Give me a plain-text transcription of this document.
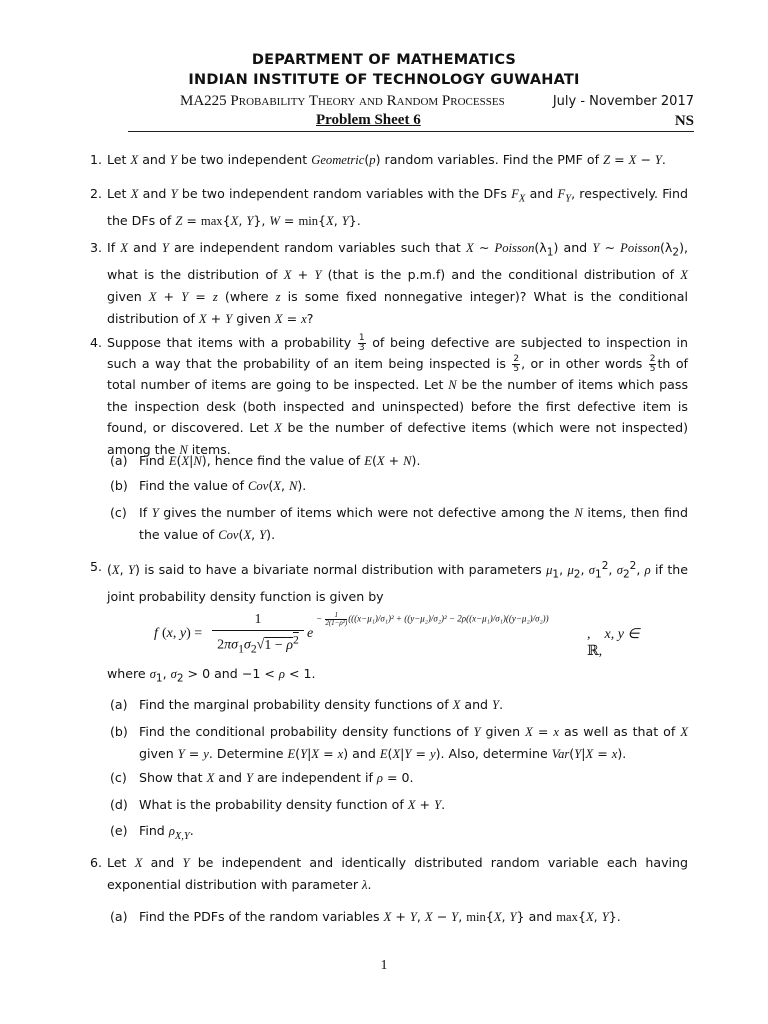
DEPARTMENT OF MATHEMATICS
INDIAN INSTITUTE OF TECHNOLOGY GUWAHATI
MA225 Probability Theory and Random Processes	July - November 2017
Problem Sheet 6	NS
1. Let X and Y be two independent Geometric(p) random variables. Find the PMF of Z = X − Y.
2. Let X and Y be two independent random variables with the DFs $F_X$ and $F_Y$, respectively. Find the DFs of Z = max{X, Y}, W = min{X, Y}.
3. If X and Y are independent random variables such that X ∼ $Poisson(\lambda_1)$ and Y ∼ $Poisson(\lambda_2)$, what is the distribution of X + Y (that is the p.m.f) and the conditional distribution of X given X + Y = z (where z is some fixed nonnegative integer)? What is the conditional distribution of X + Y given X = x?
4. Suppose that items with a probability $\frac{1}{3}$ of being defective are subjected to inspection in such a way that the probability of an item being inspected is $\frac{2}{5}$ , or in other words $\frac{2}{5}$ th of total number of items are going to be inspected. Let N be the number of items which pass the inspection desk (both inspected and uninspected) before the first defective item is found, or discovered. Let X be the number of defective items (which were not inspected) among the N items.
(a) Find E(X|N), hence find the value of E(X + N).
(b) Find the value of Cov(X, N).
(c) If Y gives the number of items which were not defective among the N items, then find the value of Cov(X, Y).
5. (X, Y) is said to have a bivariate normal distribution with parameters $\mu_1$, $\mu_2$, $\sigma_1^2$, $\sigma_2^2$, ρ if the joint probability density function is given by
f (x, $y) = \frac{1}{2\pi\sigma_1\sigma_2√1 - \rho^2}$ e
− $\frac{1}{\text{2(1−ρ²)}} (((x-\mu_1)/\sigma_1)^2 + ((y-\mu_2)/\sigma_2)^2 - 2\rho((x-\mu_1)/\sigma_1)((y-\mu_2)/\sigma_2))$
,    x, y ∈ ℝ,
where $\sigma_1$, $\sigma_2 > 0$ and −1 < ρ < 1.
(a) Find the marginal probability density functions of X and Y.
(b) Find the conditional probability density functions of Y given X = x as well as that of X given Y = y. Determine E(Y|X = x) and E(X|Y = y). Also, determine Var(Y|X = x).
(c) Show that X and Y are independent if ρ = 0.
(d) What is the probability density function of X + Y.
(e) Find $\rho_{X,Y}$.
6. Let X and Y be independent and identically distributed random variable each having exponential distribution with parameter λ.
(a) Find the PDFs of the random variables X + Y, X − Y, min{X, Y} and max{X, Y}.
1
